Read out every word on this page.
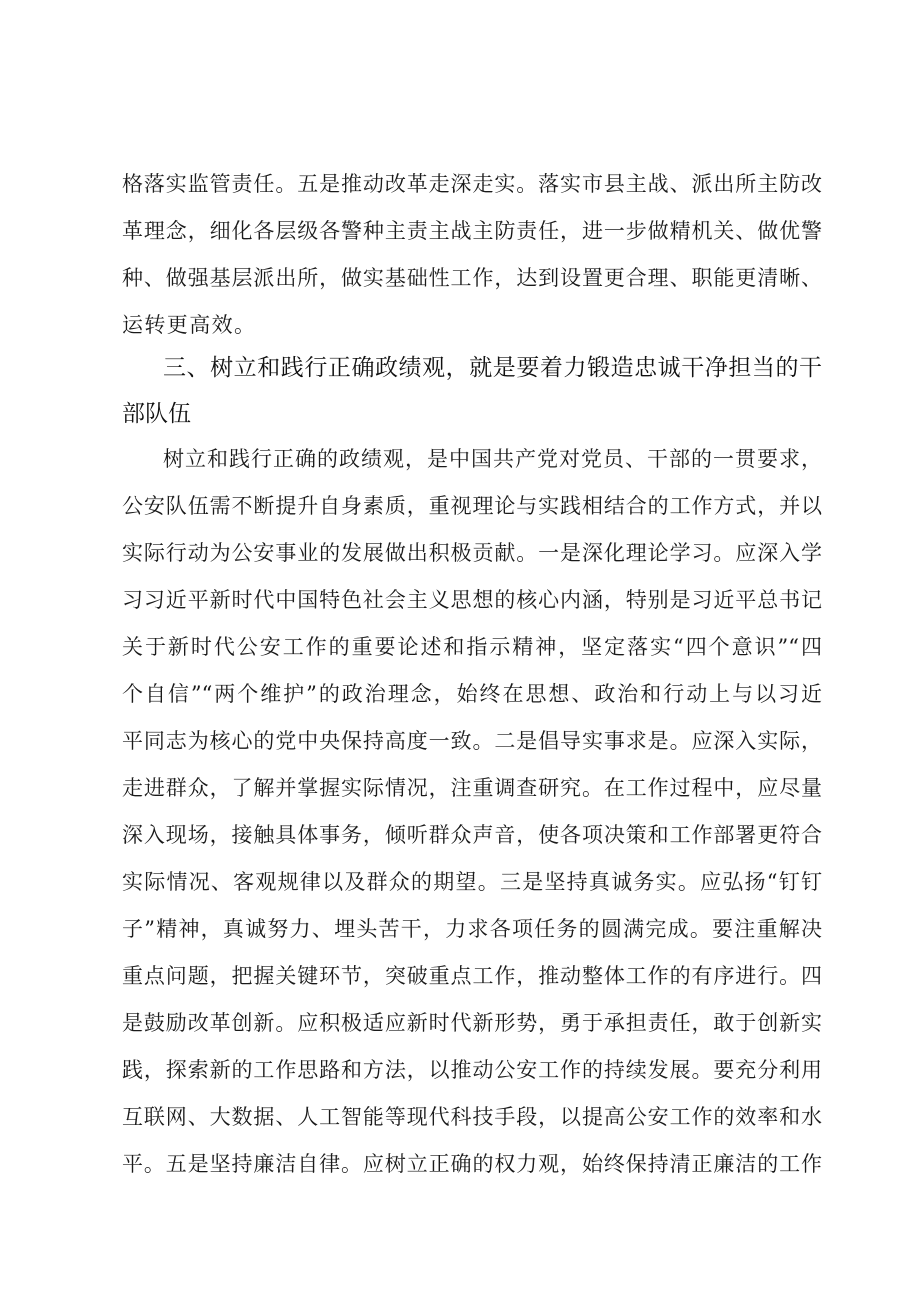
格落实监管责任。五是推动改革走深走实。落实市县主战、派出所主防改
革理念，细化各层级各警种主责主战主防责任，进一步做精机关、做优警
种、做强基层派出所，做实基础性工作，达到设置更合理、职能更清晰、
运转更高效。
三、树立和践行正确政绩观，就是要着力锻造忠诚干净担当的干
部队伍
树立和践行正确的政绩观，是中国共产党对党员、干部的一贯要求，
公安队伍需不断提升自身素质，重视理论与实践相结合的工作方式，并以
实际行动为公安事业的发展做出积极贡献。一是深化理论学习。应深入学
习习近平新时代中国特色社会主义思想的核心内涵，特别是习近平总书记
关于新时代公安工作的重要论述和指示精神，坚定落实“四个意识”“四
个自信”“两个维护”的政治理念，始终在思想、政治和行动上与以习近
平同志为核心的党中央保持高度一致。二是倡导实事求是。应深入实际，
走进群众，了解并掌握实际情况，注重调查研究。在工作过程中，应尽量
深入现场，接触具体事务，倾听群众声音，使各项决策和工作部署更符合
实际情况、客观规律以及群众的期望。三是坚持真诚务实。应弘扬“钉钉
子”精神，真诚努力、埋头苦干，力求各项任务的圆满完成。要注重解决
重点问题，把握关键环节，突破重点工作，推动整体工作的有序进行。四
是鼓励改革创新。应积极适应新时代新形势，勇于承担责任，敢于创新实
践，探索新的工作思路和方法，以推动公安工作的持续发展。要充分利用
互联网、大数据、人工智能等现代科技手段，以提高公安工作的效率和水
平。五是坚持廉洁自律。应树立正确的权力观，始终保持清正廉洁的工作
